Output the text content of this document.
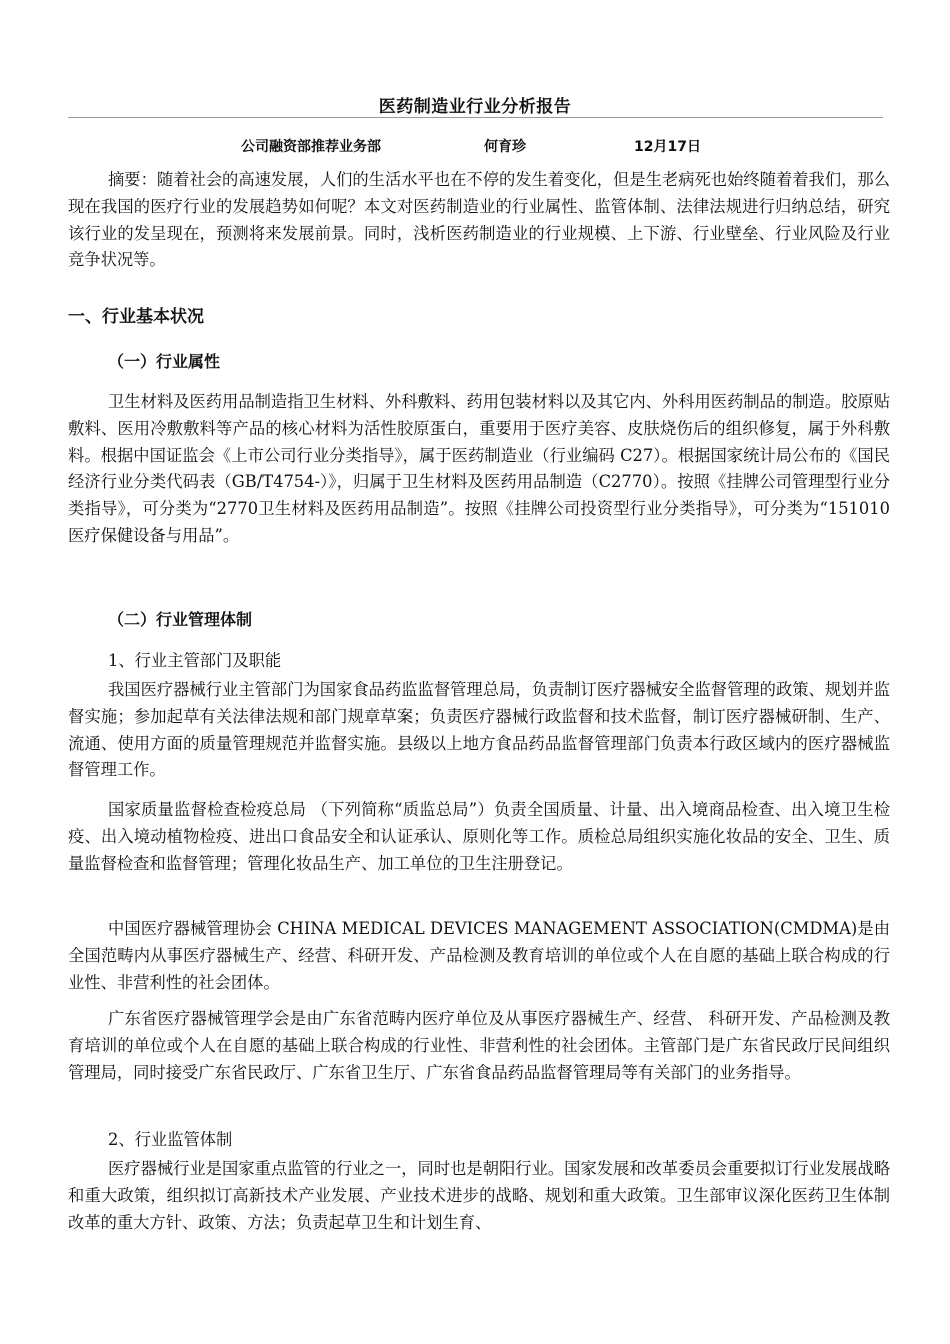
医药制造业行业分析报告
公司融资部推荐业务部	何育珍	12月17日

摘要：随着社会的高速发展，人们的生活水平也在不停的发生着变化，但是生老病死也始终随着着我们，那么现在我国的医疗行业的发展趋势如何呢？本文对医药制造业的行业属性、监管体制、法律法规进行归纳总结，研究该行业的发呈现在，预测将来发展前景。同时，浅析医药制造业的行业规模、上下游、行业壁垒、行业风险及行业竞争状况等。

一、行业基本状况
（一）行业属性

卫生材料及医药用品制造指卫生材料、外科敷料、药用包装材料以及其它内、外科用医药制品的制造。胶原贴敷料、医用冷敷敷料等产品的核心材料为活性胶原蛋白，重要用于医疗美容、皮肤烧伤后的组织修复，属于外科敷料。根据中国证监会《上市公司行业分类指导》，属于医药制造业（行业编码 C27）。根据国家统计局公布的《国民经济行业分类代码表（GB/T4754-）》，归属于卫生材料及医药用品制造（C2770）。按照《挂牌公司管理型行业分类指导》，可分类为“2770卫生材料及医药用品制造”。按照《挂牌公司投资型行业分类指导》，可分类为“151010医疗保健设备与用品”。

（二）行业管理体制

1、行业主管部门及职能

我国医疗器械行业主管部门为国家食品药监监督管理总局，负责制订医疗器械安全监督管理的政策、规划并监督实施；参加起草有关法律法规和部门规章草案；负责医疗器械行政监督和技术监督，制订医疗器械研制、生产、流通、使用方面的质量管理规范并监督实施。县级以上地方食品药品监督管理部门负责本行政区域内的医疗器械监督管理工作。

国家质量监督检查检疫总局 （下列简称“质监总局”）负责全国质量、计量、出入境商品检查、出入境卫生检疫、出入境动植物检疫、进出口食品安全和认证承认、原则化等工作。质检总局组织实施化妆品的安全、卫生、质量监督检查和监督管理；管理化妆品生产、加工单位的卫生注册登记。

中国医疗器械管理协会 CHINA MEDICAL DEVICES MANAGEMENT ASSOCIATION(CMDMA)是由全国范畴内从事医疗器械生产、经营、科研开发、产品检测及教育培训的单位或个人在自愿的基础上联合构成的行业性、非营利性的社会团体。

广东省医疗器械管理学会是由广东省范畴内医疗单位及从事医疗器械生产、经营、 科研开发、产品检测及教育培训的单位或个人在自愿的基础上联合构成的行业性、非营利性的社会团体。主管部门是广东省民政厅民间组织管理局，同时接受广东省民政厅、广东省卫生厅、广东省食品药品监督管理局等有关部门的业务指导。

2、行业监管体制

医疗器械行业是国家重点监管的行业之一，同时也是朝阳行业。国家发展和改革委员会重要拟订行业发展战略和重大政策，组织拟订高新技术产业发展、产业技术进步的战略、规划和重大政策。卫生部审议深化医药卫生体制改革的重大方针、政策、方法；负责起草卫生和计划生育、
